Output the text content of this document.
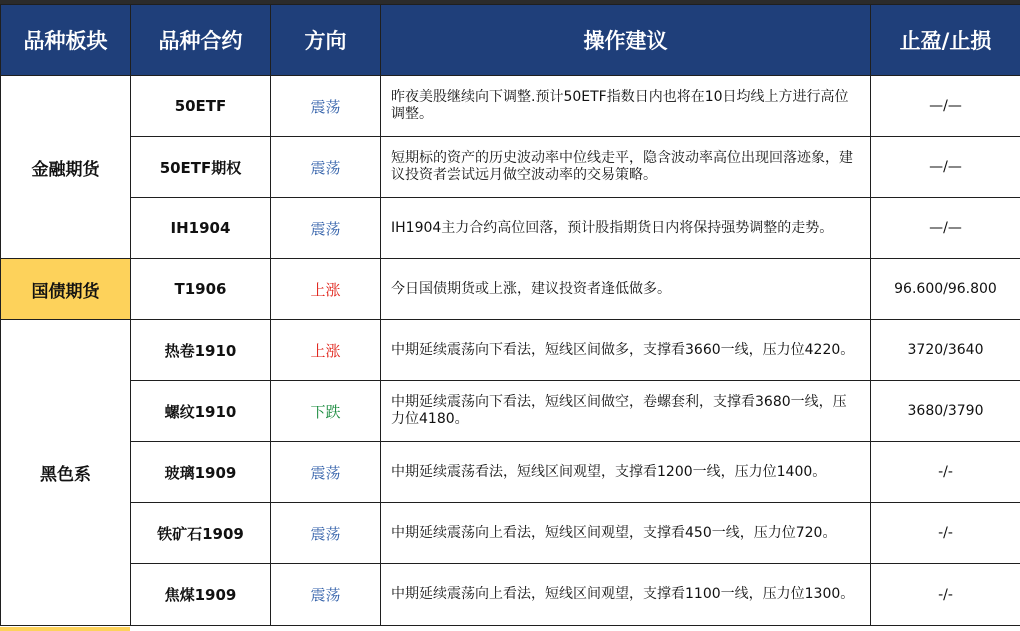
品种板块	品种合约	方向	操作建议	止盈/止损
金融期货	50ETF	震荡	昨夜美股继续向下调整.预计50ETF指数日内也将在10日均线上方进行高位调整。	—/—
	50ETF期权	震荡	短期标的资产的历史波动率中位线走平，隐含波动率高位出现回落迹象，建议投资者尝试远月做空波动率的交易策略。	—/—
	IH1904	震荡	IH1904主力合约高位回落，预计股指期货日内将保持强势调整的走势。	—/—
国债期货	T1906	上涨	今日国债期货或上涨，建议投资者逢低做多。	96.600/96.800
黑色系	热卷1910	上涨	中期延续震荡向下看法，短线区间做多，支撑看3660一线，压力位4220。	3720/3640
	螺纹1910	下跌	中期延续震荡向下看法，短线区间做空，卷螺套利，支撑看3680一线，压力位4180。	3680/3790
	玻璃1909	震荡	中期延续震荡看法，短线区间观望，支撑看1200一线，压力位1400。	-/-
	铁矿石1909	震荡	中期延续震荡向上看法，短线区间观望，支撑看450一线，压力位720。	-/-
	焦煤1909	震荡	中期延续震荡向上看法，短线区间观望，支撑看1100一线，压力位1300。	-/-
